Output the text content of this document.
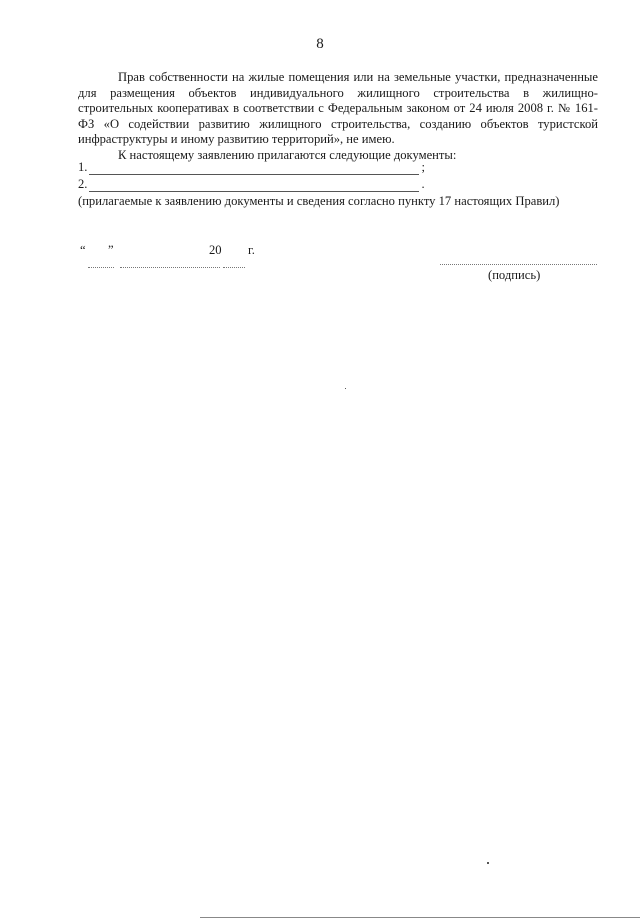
8

Прав собственности на жилые помещения или на земельные участки, предназначенные для размещения объектов индивидуального жилищного строительства в жилищно-строительных кооперативах в соответствии с Федеральным законом от 24 июля 2008 г. № 161-ФЗ «О содействии развитию жилищного строительства, созданию объектов туристской инфраструктуры и иному развитию территорий», не имею.

К настоящему заявлению прилагаются следующие документы:

1.	;
2.	.
(прилагаемые к заявлению документы и сведения согласно пункту 17 настоящих Правил)
“ ”	20 г.
(подпись)
